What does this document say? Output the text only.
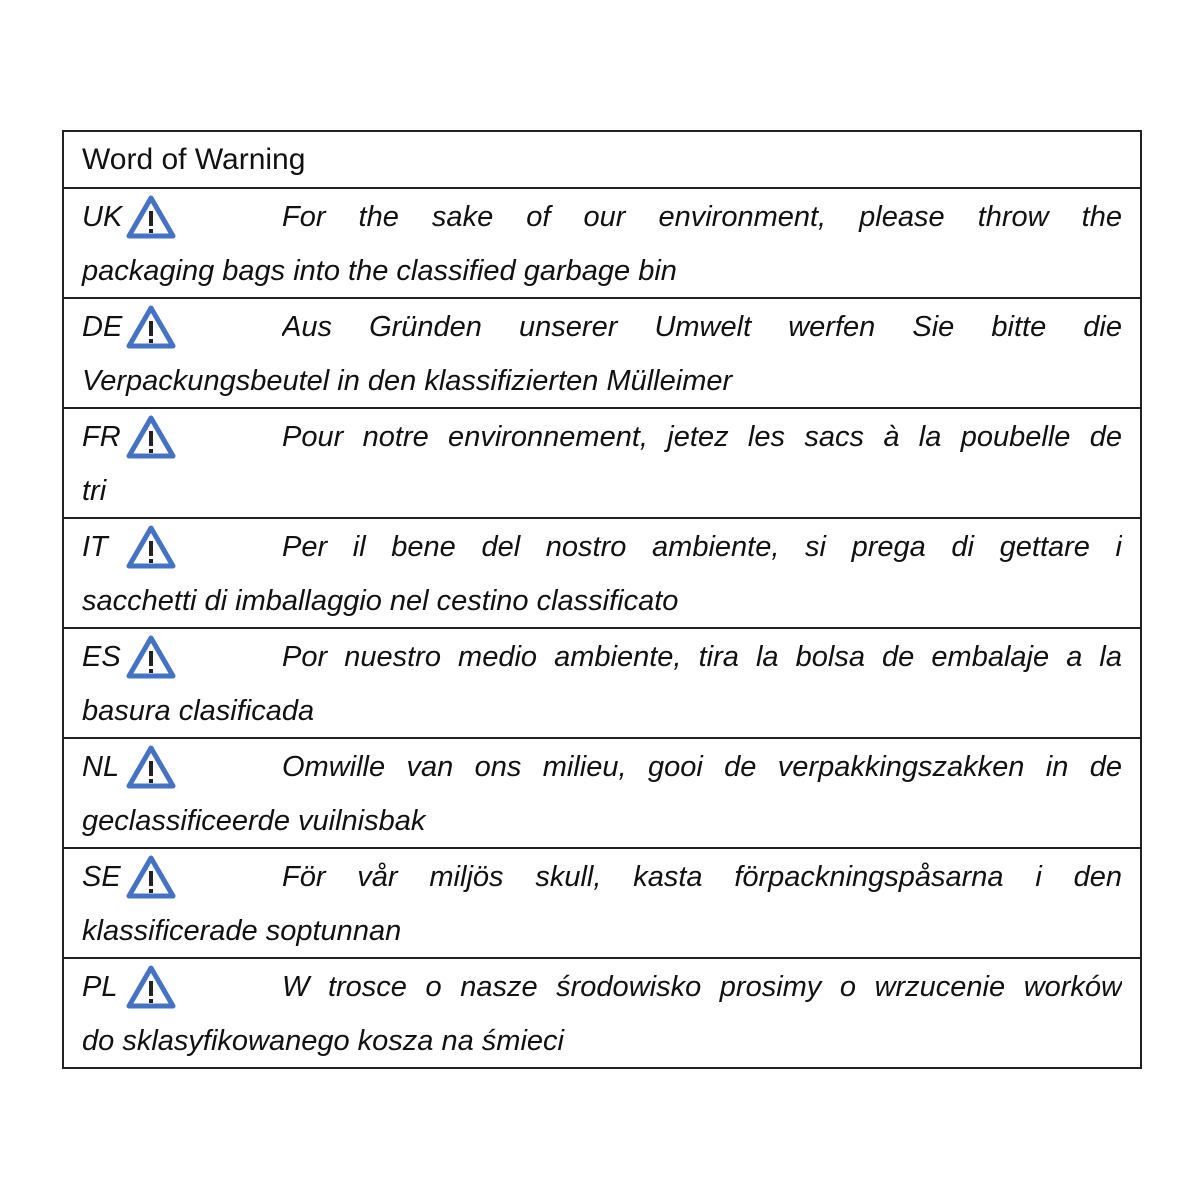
Word of Warning
UK	For the sake of our environment, please throw the
packaging bags into the classified garbage bin
DE	Aus Gründen unserer Umwelt werfen Sie bitte die
Verpackungsbeutel in den klassifizierten Mülleimer
FR	Pour notre environnement, jetez les sacs à la poubelle de
tri
IT	Per il bene del nostro ambiente, si prega di gettare i
sacchetti di imballaggio nel cestino classificato
ES	Por nuestro medio ambiente, tira la bolsa de embalaje a la
basura clasificada
NL	Omwille van ons milieu, gooi de verpakkingszakken in de
geclassificeerde vuilnisbak
SE	För vår miljös skull, kasta förpackningspåsarna i den
klassificerade soptunnan
PL	W trosce o nasze środowisko prosimy o wrzucenie worków
do sklasyfikowanego kosza na śmieci
